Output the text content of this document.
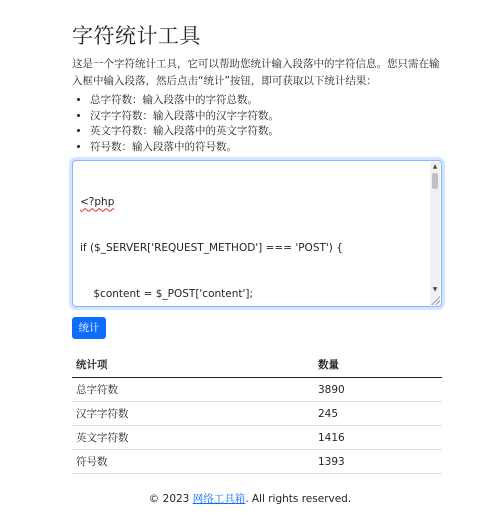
字符统计工具

这是一个字符统计工具，它可以帮助您统计输入段落中的字符信息。您只需在输入框中输入段落，然后点击“统计”按钮，即可获取以下统计结果：

• 总字符数：输入段落中的字符总数。
• 汉字字符数：输入段落中的汉字字符数。
• 英文字符数：输入段落中的英文字符数。
• 符号数：输入段落中的符号数。

<?php

if ($_SERVER['REQUEST_METHOD'] === 'POST') {

$content = $_POST['content'];

▲
▼
统计
统计项	数量
总字符数	3890
汉字字符数	245
英文字符数	1416
符号数	1393
© 2023 网络工具箱. All rights reserved.
